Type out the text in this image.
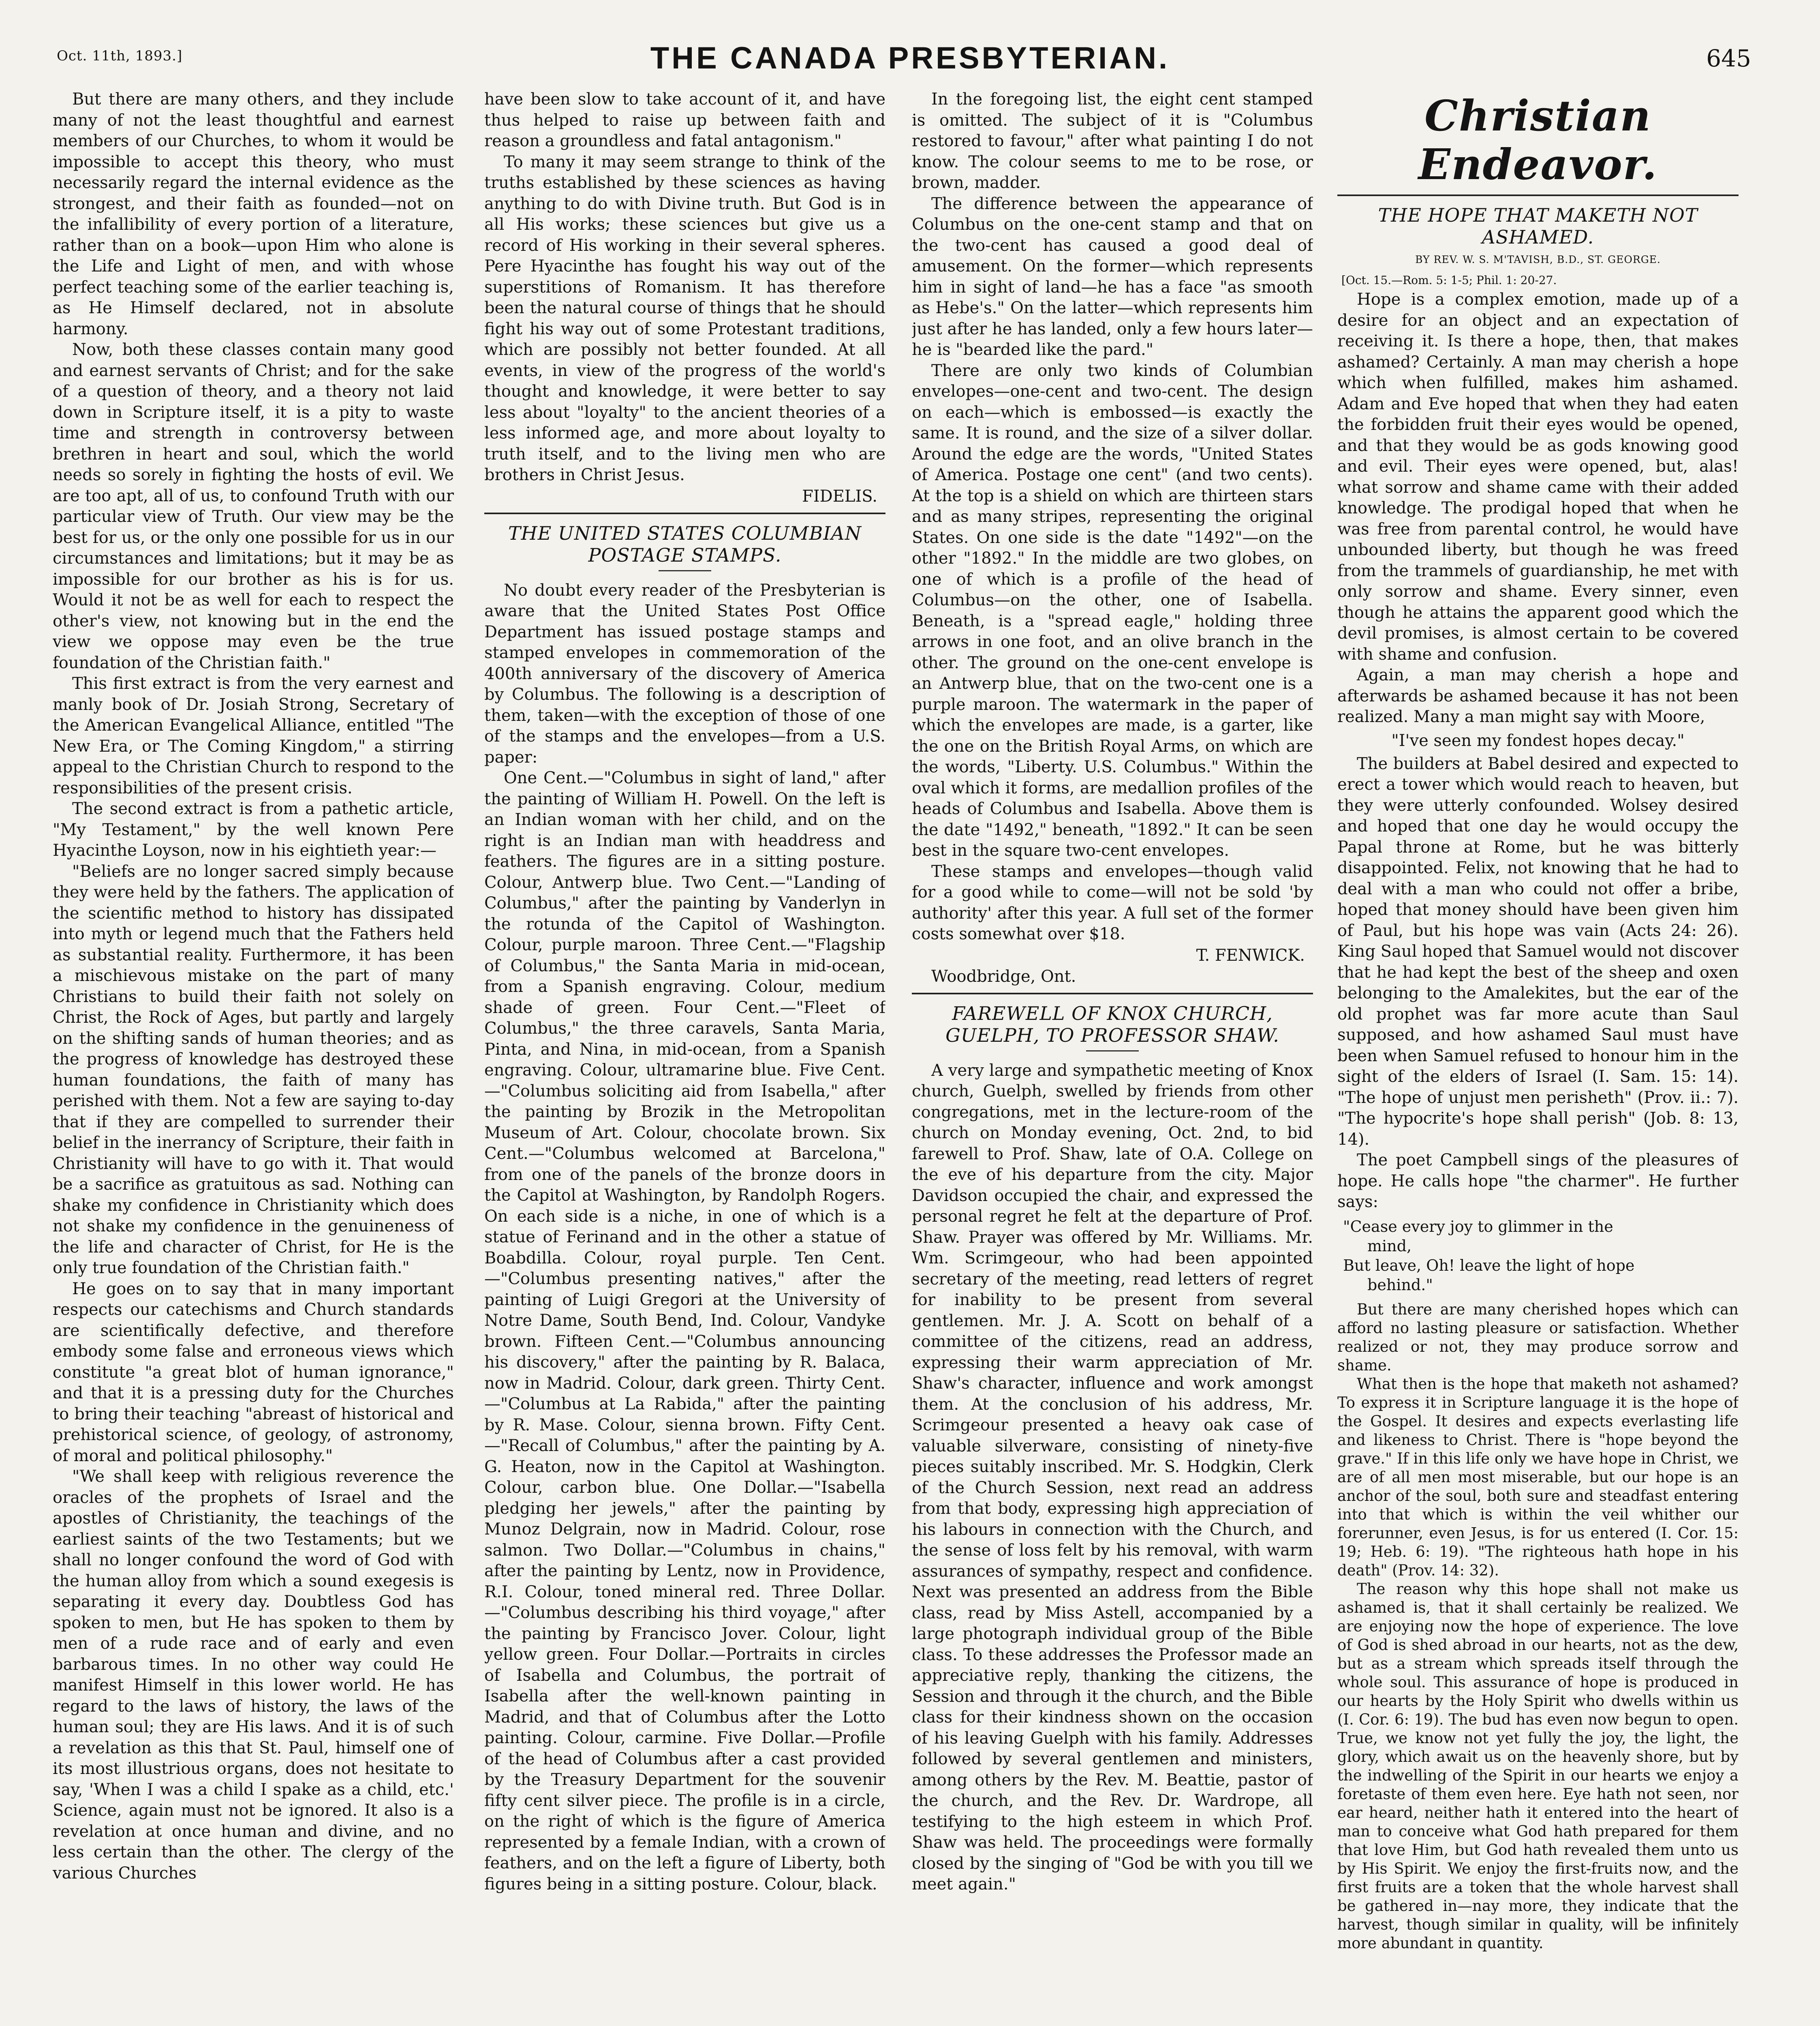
Oct. 11th, 1893.]	THE CANADA PRESBYTERIAN.	645

But there are many others, and they include many of not the least thoughtful and earnest members of our Churches, to whom it would be impossible to accept this theory, who must necessarily regard the internal evidence as the strongest, and their faith as founded—not on the infallibility of every portion of a literature, rather than on a book—upon Him who alone is the Life and Light of men, and with whose perfect teaching some of the earlier teaching is, as He Himself declared, not in absolute harmony.

Now, both these classes contain many good and earnest servants of Christ; and for the sake of a question of theory, and a theory not laid down in Scripture itself, it is a pity to waste time and strength in controversy between brethren in heart and soul, which the world needs so sorely in fighting the hosts of evil. We are too apt, all of us, to confound Truth with our particular view of Truth. Our view may be the best for us, or the only one possible for us in our circumstances and limitations; but it may be as impossible for our brother as his is for us. Would it not be as well for each to respect the other's view, not knowing but in the end the view we oppose may even be the true foundation of the Christian faith."

This first extract is from the very earnest and manly book of Dr. Josiah Strong, Secretary of the American Evangelical Alliance, entitled "The New Era, or The Coming Kingdom," a stirring appeal to the Christian Church to respond to the responsibilities of the present crisis.

The second extract is from a pathetic article, "My Testament," by the well known Pere Hyacinthe Loyson, now in his eightieth year:—

"Beliefs are no longer sacred simply because they were held by the fathers. The application of the scientific method to history has dissipated into myth or legend much that the Fathers held as substantial reality. Furthermore, it has been a mischievous mistake on the part of many Christians to build their faith not solely on Christ, the Rock of Ages, but partly and largely on the shifting sands of human theories; and as the progress of knowledge has destroyed these human foundations, the faith of many has perished with them. Not a few are saying to-day that if they are compelled to surrender their belief in the inerrancy of Scripture, their faith in Christianity will have to go with it. That would be a sacrifice as gratuitous as sad. Nothing can shake my confidence in Christianity which does not shake my confidence in the genuineness of the life and character of Christ, for He is the only true foundation of the Christian faith."

He goes on to say that in many important respects our catechisms and Church standards are scientifically defective, and therefore embody some false and erroneous views which constitute "a great blot of human ignorance," and that it is a pressing duty for the Churches to bring their teaching "abreast of historical and prehistorical science, of geology, of astronomy, of moral and political philosophy."

"We shall keep with religious reverence the oracles of the prophets of Israel and the apostles of Christianity, the teachings of the earliest saints of the two Testaments; but we shall no longer confound the word of God with the human alloy from which a sound exegesis is separating it every day. Doubtless God has spoken to men, but He has spoken to them by men of a rude race and of early and even barbarous times. In no other way could He manifest Himself in this lower world. He has regard to the laws of history, the laws of the human soul; they are His laws. And it is of such a revelation as this that St. Paul, himself one of its most illustrious organs, does not hesitate to say, 'When I was a child I spake as a child, etc.' Science, again must not be ignored. It also is a revelation at once human and divine, and no less certain than the other. The clergy of the various Churches

have been slow to take account of it, and have thus helped to raise up between faith and reason a groundless and fatal antagonism."

To many it may seem strange to think of the truths established by these sciences as having anything to do with Divine truth. But God is in all His works; these sciences but give us a record of His working in their several spheres. Pere Hyacinthe has fought his way out of the superstitions of Romanism. It has therefore been the natural course of things that he should fight his way out of some Protestant traditions, which are possibly not better founded. At all events, in view of the progress of the world's thought and knowledge, it were better to say less about "loyalty" to the ancient theories of a less informed age, and more about loyalty to truth itself, and to the living men who are brothers in Christ Jesus.

FIDELIS.
THE UNITED STATES COLUMBIAN POSTAGE STAMPS.

No doubt every reader of the Presbyterian is aware that the United States Post Office Department has issued postage stamps and stamped envelopes in commemoration of the 400th anniversary of the discovery of America by Columbus. The following is a description of them, taken—with the exception of those of one of the stamps and the envelopes—from a U.S. paper:

One Cent.—"Columbus in sight of land," after the painting of William H. Powell. On the left is an Indian woman with her child, and on the right is an Indian man with headdress and feathers. The figures are in a sitting posture. Colour, Antwerp blue. Two Cent.—"Landing of Columbus," after the painting by Vanderlyn in the rotunda of the Capitol of Washington. Colour, purple maroon. Three Cent.—"Flagship of Columbus," the Santa Maria in mid-ocean, from a Spanish engraving. Colour, medium shade of green. Four Cent.—"Fleet of Columbus," the three caravels, Santa Maria, Pinta, and Nina, in mid-ocean, from a Spanish engraving. Colour, ultramarine blue. Five Cent.—"Columbus soliciting aid from Isabella," after the painting by Brozik in the Metropolitan Museum of Art. Colour, chocolate brown. Six Cent.—"Columbus welcomed at Barcelona," from one of the panels of the bronze doors in the Capitol at Washington, by Randolph Rogers. On each side is a niche, in one of which is a statue of Ferinand and in the other a statue of Boabdilla. Colour, royal purple. Ten Cent.—"Columbus presenting natives," after the painting of Luigi Gregori at the University of Notre Dame, South Bend, Ind. Colour, Vandyke brown. Fifteen Cent.—"Columbus announcing his discovery," after the painting by R. Balaca, now in Madrid. Colour, dark green. Thirty Cent.—"Columbus at La Rabida," after the painting by R. Mase. Colour, sienna brown. Fifty Cent.—"Recall of Columbus," after the painting by A. G. Heaton, now in the Capitol at Washington. Colour, carbon blue. One Dollar.—"Isabella pledging her jewels," after the painting by Munoz Delgrain, now in Madrid. Colour, rose salmon. Two Dollar.—"Columbus in chains," after the painting by Lentz, now in Providence, R.I. Colour, toned mineral red. Three Dollar.—"Columbus describing his third voyage," after the painting by Francisco Jover. Colour, light yellow green. Four Dollar.—Portraits in circles of Isabella and Columbus, the portrait of Isabella after the well-known painting in Madrid, and that of Columbus after the Lotto painting. Colour, carmine. Five Dollar.—Profile of the head of Columbus after a cast provided by the Treasury Department for the souvenir fifty cent silver piece. The profile is in a circle, on the right of which is the figure of America represented by a female Indian, with a crown of feathers, and on the left a figure of Liberty, both figures being in a sitting posture. Colour, black.

In the foregoing list, the eight cent stamped is omitted. The subject of it is "Columbus restored to favour," after what painting I do not know. The colour seems to me to be rose, or brown, madder.

The difference between the appearance of Columbus on the one-cent stamp and that on the two-cent has caused a good deal of amusement. On the former—which represents him in sight of land—he has a face "as smooth as Hebe's." On the latter—which represents him just after he has landed, only a few hours later—he is "bearded like the pard."

There are only two kinds of Columbian envelopes—one-cent and two-cent. The design on each—which is embossed—is exactly the same. It is round, and the size of a silver dollar. Around the edge are the words, "United States of America. Postage one cent" (and two cents). At the top is a shield on which are thirteen stars and as many stripes, representing the original States. On one side is the date "1492"—on the other "1892." In the middle are two globes, on one of which is a profile of the head of Columbus—on the other, one of Isabella. Beneath, is a "spread eagle," holding three arrows in one foot, and an olive branch in the other. The ground on the one-cent envelope is an Antwerp blue, that on the two-cent one is a purple maroon. The watermark in the paper of which the envelopes are made, is a garter, like the one on the British Royal Arms, on which are the words, "Liberty. U.S. Columbus." Within the oval which it forms, are medallion profiles of the heads of Columbus and Isabella. Above them is the date "1492," beneath, "1892." It can be seen best in the square two-cent envelopes.

These stamps and envelopes—though valid for a good while to come—will not be sold 'by authority' after this year. A full set of the former costs somewhat over $18.

T. FENWICK.
Woodbridge, Ont.
FAREWELL OF KNOX CHURCH, GUELPH, TO PROFESSOR SHAW.

A very large and sympathetic meeting of Knox church, Guelph, swelled by friends from other congregations, met in the lecture-room of the church on Monday evening, Oct. 2nd, to bid farewell to Prof. Shaw, late of O.A. College on the eve of his departure from the city. Major Davidson occupied the chair, and expressed the personal regret he felt at the departure of Prof. Shaw. Prayer was offered by Mr. Williams. Mr. Wm. Scrimgeour, who had been appointed secretary of the meeting, read letters of regret for inability to be present from several gentlemen. Mr. J. A. Scott on behalf of a committee of the citizens, read an address, expressing their warm appreciation of Mr. Shaw's character, influence and work amongst them. At the conclusion of his address, Mr. Scrimgeour presented a heavy oak case of valuable silverware, consisting of ninety-five pieces suitably inscribed. Mr. S. Hodgkin, Clerk of the Church Session, next read an address from that body, expressing high appreciation of his labours in connection with the Church, and the sense of loss felt by his removal, with warm assurances of sympathy, respect and confidence. Next was presented an address from the Bible class, read by Miss Astell, accompanied by a large photograph individual group of the Bible class. To these addresses the Professor made an appreciative reply, thanking the citizens, the Session and through it the church, and the Bible class for their kindness shown on the occasion of his leaving Guelph with his family. Addresses followed by several gentlemen and ministers, among others by the Rev. M. Beattie, pastor of the church, and the Rev. Dr. Wardrope, all testifying to the high esteem in which Prof. Shaw was held. The proceedings were formally closed by the singing of "God be with you till we meet again."

Christian Endeavor.
THE HOPE THAT MAKETH NOT ASHAMED.
BY REV. W. S. M'TAVISH, B.D., ST. GEORGE.
[Oct. 15.—Rom. 5: 1-5; Phil. 1: 20-27.

Hope is a complex emotion, made up of a desire for an object and an expectation of receiving it. Is there a hope, then, that makes ashamed? Certainly. A man may cherish a hope which when fulfilled, makes him ashamed. Adam and Eve hoped that when they had eaten the forbidden fruit their eyes would be opened, and that they would be as gods knowing good and evil. Their eyes were opened, but, alas! what sorrow and shame came with their added knowledge. The prodigal hoped that when he was free from parental control, he would have unbounded liberty, but though he was freed from the trammels of guardianship, he met with only sorrow and shame. Every sinner, even though he attains the apparent good which the devil promises, is almost certain to be covered with shame and confusion.

Again, a man may cherish a hope and afterwards be ashamed because it has not been realized. Many a man might say with Moore,

"I've seen my fondest hopes decay."

The builders at Babel desired and expected to erect a tower which would reach to heaven, but they were utterly confounded. Wolsey desired and hoped that one day he would occupy the Papal throne at Rome, but he was bitterly disappointed. Felix, not knowing that he had to deal with a man who could not offer a bribe, hoped that money should have been given him of Paul, but his hope was vain (Acts 24: 26). King Saul hoped that Samuel would not discover that he had kept the best of the sheep and oxen belonging to the Amalekites, but the ear of the old prophet was far more acute than Saul supposed, and how ashamed Saul must have been when Samuel refused to honour him in the sight of the elders of Israel (I. Sam. 15: 14). "The hope of unjust men perisheth" (Prov. ii.: 7). "The hypocrite's hope shall perish" (Job. 8: 13, 14).

The poet Campbell sings of the pleasures of hope. He calls hope "the charmer". He further says:

"Cease every joy to glimmer in the
mind,
But leave, Oh! leave the light of hope
behind."

But there are many cherished hopes which can afford no lasting pleasure or satisfaction. Whether realized or not, they may produce sorrow and shame.

What then is the hope that maketh not ashamed? To express it in Scripture language it is the hope of the Gospel. It desires and expects everlasting life and likeness to Christ. There is "hope beyond the grave." If in this life only we have hope in Christ, we are of all men most miserable, but our hope is an anchor of the soul, both sure and steadfast entering into that which is within the veil whither our forerunner, even Jesus, is for us entered (I. Cor. 15: 19; Heb. 6: 19). "The righteous hath hope in his death" (Prov. 14: 32).

The reason why this hope shall not make us ashamed is, that it shall certainly be realized. We are enjoying now the hope of experience. The love of God is shed abroad in our hearts, not as the dew, but as a stream which spreads itself through the whole soul. This assurance of hope is produced in our hearts by the Holy Spirit who dwells within us (I. Cor. 6: 19). The bud has even now begun to open. True, we know not yet fully the joy, the light, the glory, which await us on the heavenly shore, but by the indwelling of the Spirit in our hearts we enjoy a foretaste of them even here. Eye hath not seen, nor ear heard, neither hath it entered into the heart of man to conceive what God hath prepared for them that love Him, but God hath revealed them unto us by His Spirit. We enjoy the first-fruits now, and the first fruits are a token that the whole harvest shall be gathered in—nay more, they indicate that the harvest, though similar in quality, will be infinitely more abundant in quantity.
